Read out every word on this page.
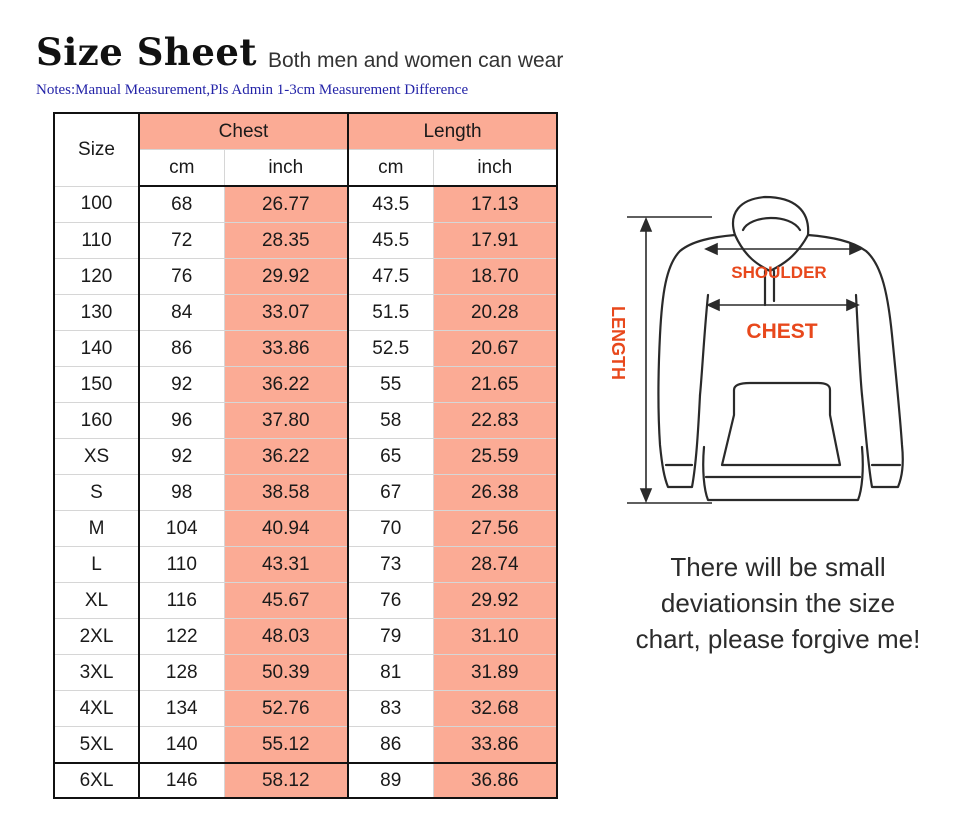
Size Sheet Both men and women can wear
Notes:Manual Measurement,Pls Admin 1-3cm Measurement Difference
Size	Chest		Length	
	cm	inch	cm	inch
100	68	26.77	43.5	17.13
110	72	28.35	45.5	17.91
120	76	29.92	47.5	18.70
130	84	33.07	51.5	20.28
140	86	33.86	52.5	20.67
150	92	36.22	55	21.65
160	96	37.80	58	22.83
XS	92	36.22	65	25.59
S	98	38.58	67	26.38
M	104	40.94	70	27.56
L	110	43.31	73	28.74
XL	116	45.67	76	29.92
2XL	122	48.03	79	31.10
3XL	128	50.39	81	31.89
4XL	134	52.76	83	32.68
5XL	140	55.12	86	33.86
6XL	146	58.12	89	36.86
SHOULDER
CHEST
LENGTH
There will be small
deviationsin the size
chart, please forgive me!
